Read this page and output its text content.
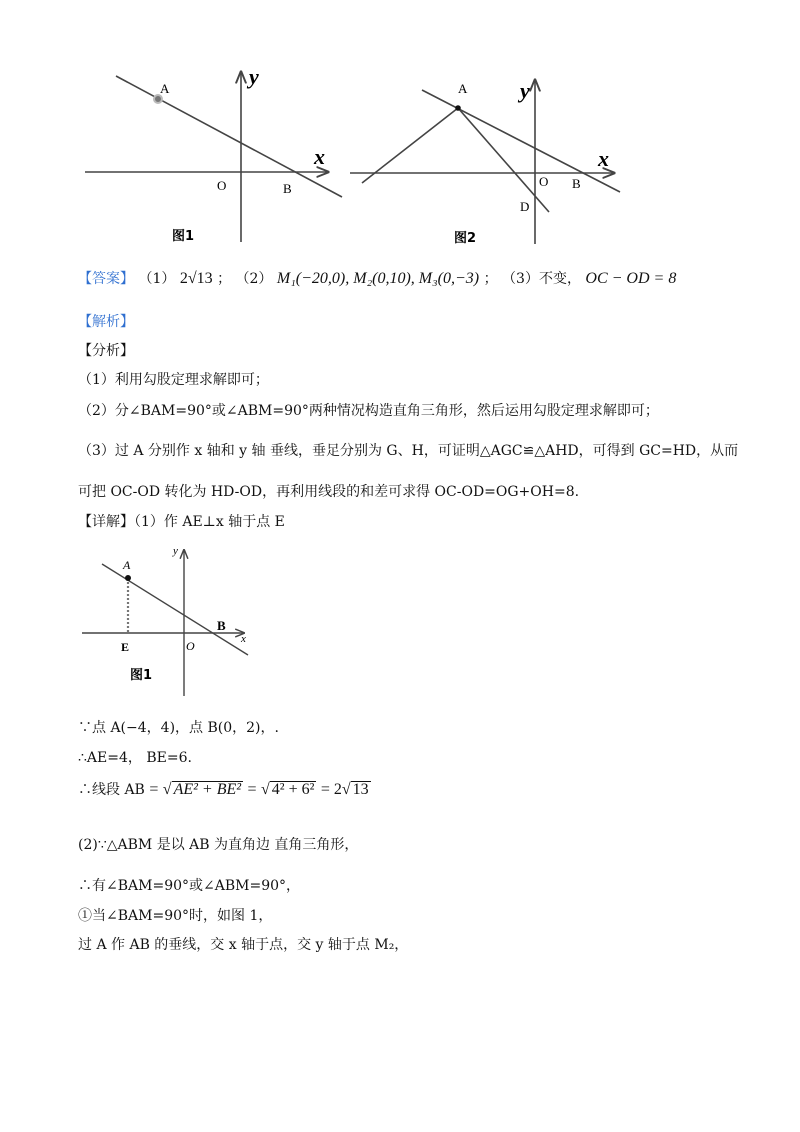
A	y
x
O	B
图1
A y
x
O B
D
图2
【答案】 （1） 2√13 ； （2） M₁(−20,0), M₂(0,10), M₃(0,−3) ； （3）不变， OC − OD = 8
【解析】
【分析】
（1）利用勾股定理求解即可；
（2）分∠BAM=90°或∠ABM=90°两种情况构造直角三角形，然后运用勾股定理求解即可；
（3）过 A 分别作 x 轴和 y 轴 垂线，垂足分别为 G、H，可证明△AGC≌△AHD，可得到 GC=HD，从而
可把 OC-OD 转化为 HD-OD，再利用线段的和差可求得 OC-OD=OG+OH=8.
【详解】（1）作 AE⊥x 轴于点 E
y
A
B
x
E	O
图1
∵点 A(−4，4)，点 B(0，2)，.
∴AE=4， BE=6.
∴线段 AB = √ AE² + BE² = √ 4² + 6² = 2√ 13
(2)∵△ABM 是以 AB 为直角边 直角三角形，
∴有∠BAM=90°或∠ABM=90°，
①当∠BAM=90°时，如图 1，
过 A 作 AB 的垂线，交 x 轴于点，交 y 轴于点 M₂，
